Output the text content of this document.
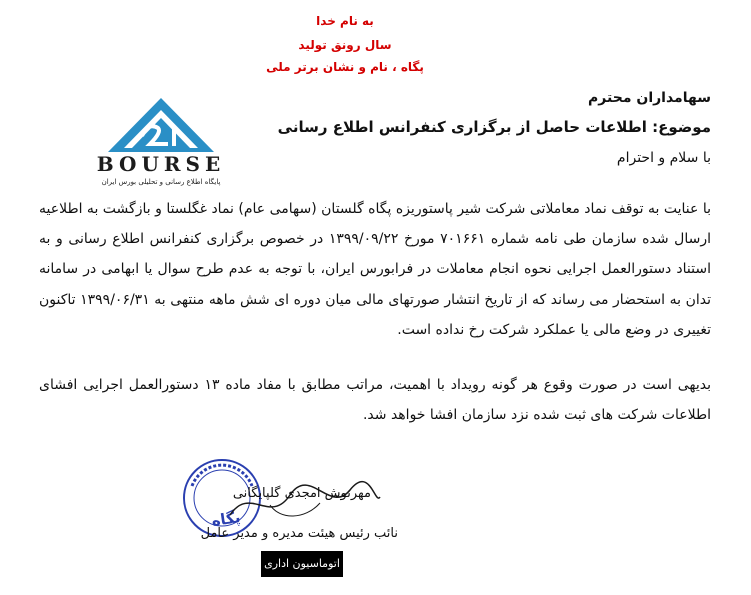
به نام خدا
سال رونق تولید
پگاه ، نام و نشان برتر ملی
BOURSE
پایگاه اطلاع رسانی و تحلیلی بورس ایران
سهامداران محترم
موضوع: اطلاعات حاصل از برگزاری کنفرانس اطلاع رسانی
با سلام و احترام
با عنایت به توقف نماد معاملاتی شرکت شیر پاستوریزه پگاه گلستان (سهامی عام) نماد غگلستا و بازگشت به اطلاعیه ارسال شده سازمان طی نامه شماره ۷۰۱۶۶۱ مورخ ۱۳۹۹/۰۹/۲۲ در خصوص برگزاری کنفرانس اطلاع رسانی و به استناد دستورالعمل اجرایی نحوه انجام معاملات در فرابورس ایران، با توجه به عدم طرح سوال یا ابهامی در سامانه تدان به استحضار می رساند که از تاریخ انتشار صورتهای مالی میان دوره ای شش ماهه منتهی به ۱۳۹۹/۰۶/۳۱ تاکنون تغییری در وضع مالی یا عملکرد شرکت رخ نداده است.
بدیهی است در صورت وقوع هر گونه رویداد با اهمیت، مراتب مطابق با مفاد ماده ۱۳ دستورالعمل اجرایی افشای اطلاعات شرکت های ثبت شده نزد سازمان افشا خواهد شد.
پگاه
مهرنوش امجدی گلپایگانی
نائب رئیس هیئت مدیره و مدیر عامل
اتوماسیون اداری
